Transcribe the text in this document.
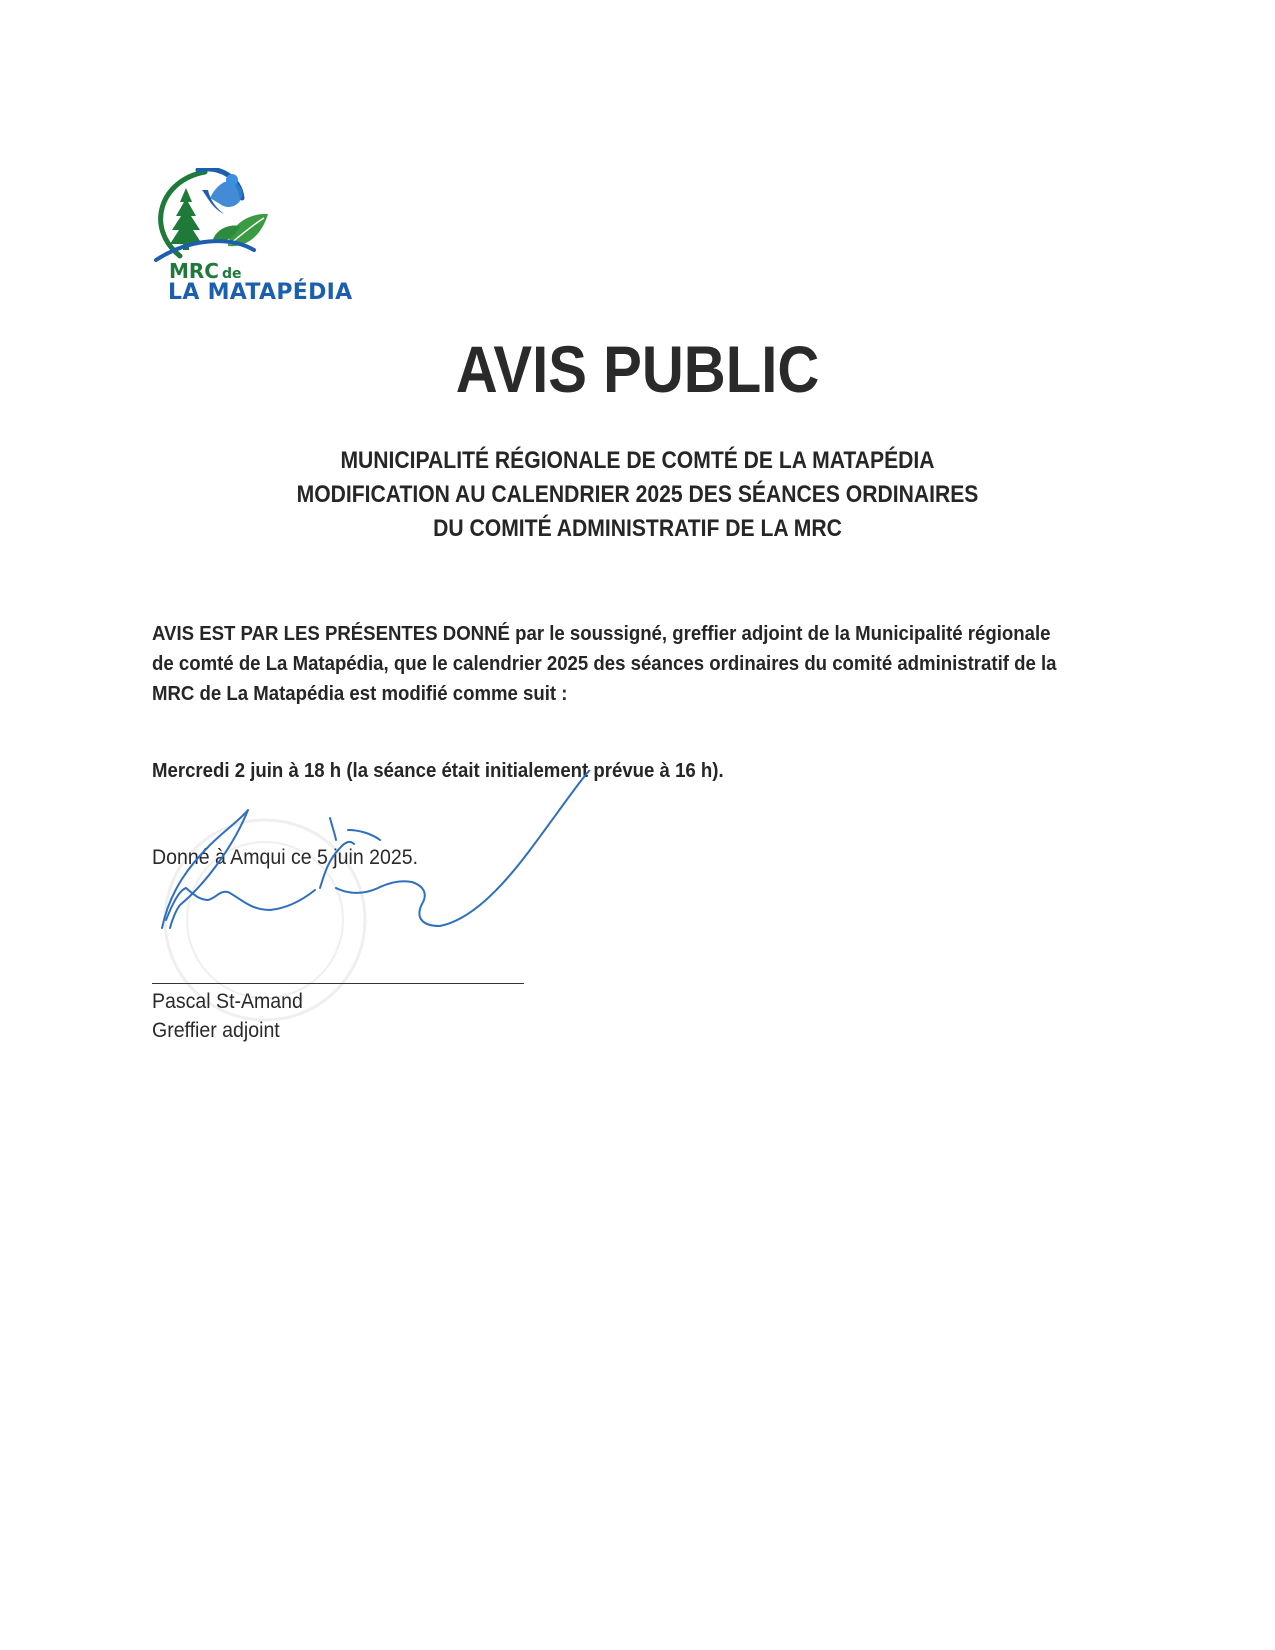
MRC de
LA MATAPÉDIA
AVIS PUBLIC
MUNICIPALITÉ RÉGIONALE DE COMTÉ DE LA MATAPÉDIA
MODIFICATION AU CALENDRIER 2025 DES SÉANCES ORDINAIRES
DU COMITÉ ADMINISTRATIF DE LA MRC
AVIS EST PAR LES PRÉSENTES DONNÉ par le soussigné, greffier adjoint de la Municipalité régionale
de comté de La Matapédia, que le calendrier 2025 des séances ordinaires du comité administratif de la
MRC de La Matapédia est modifié comme suit :
Mercredi 2 juin à 18 h (la séance était initialement prévue à 16 h).
Donné à Amqui ce 5 juin 2025.
Pascal St-Amand
Greffier adjoint
